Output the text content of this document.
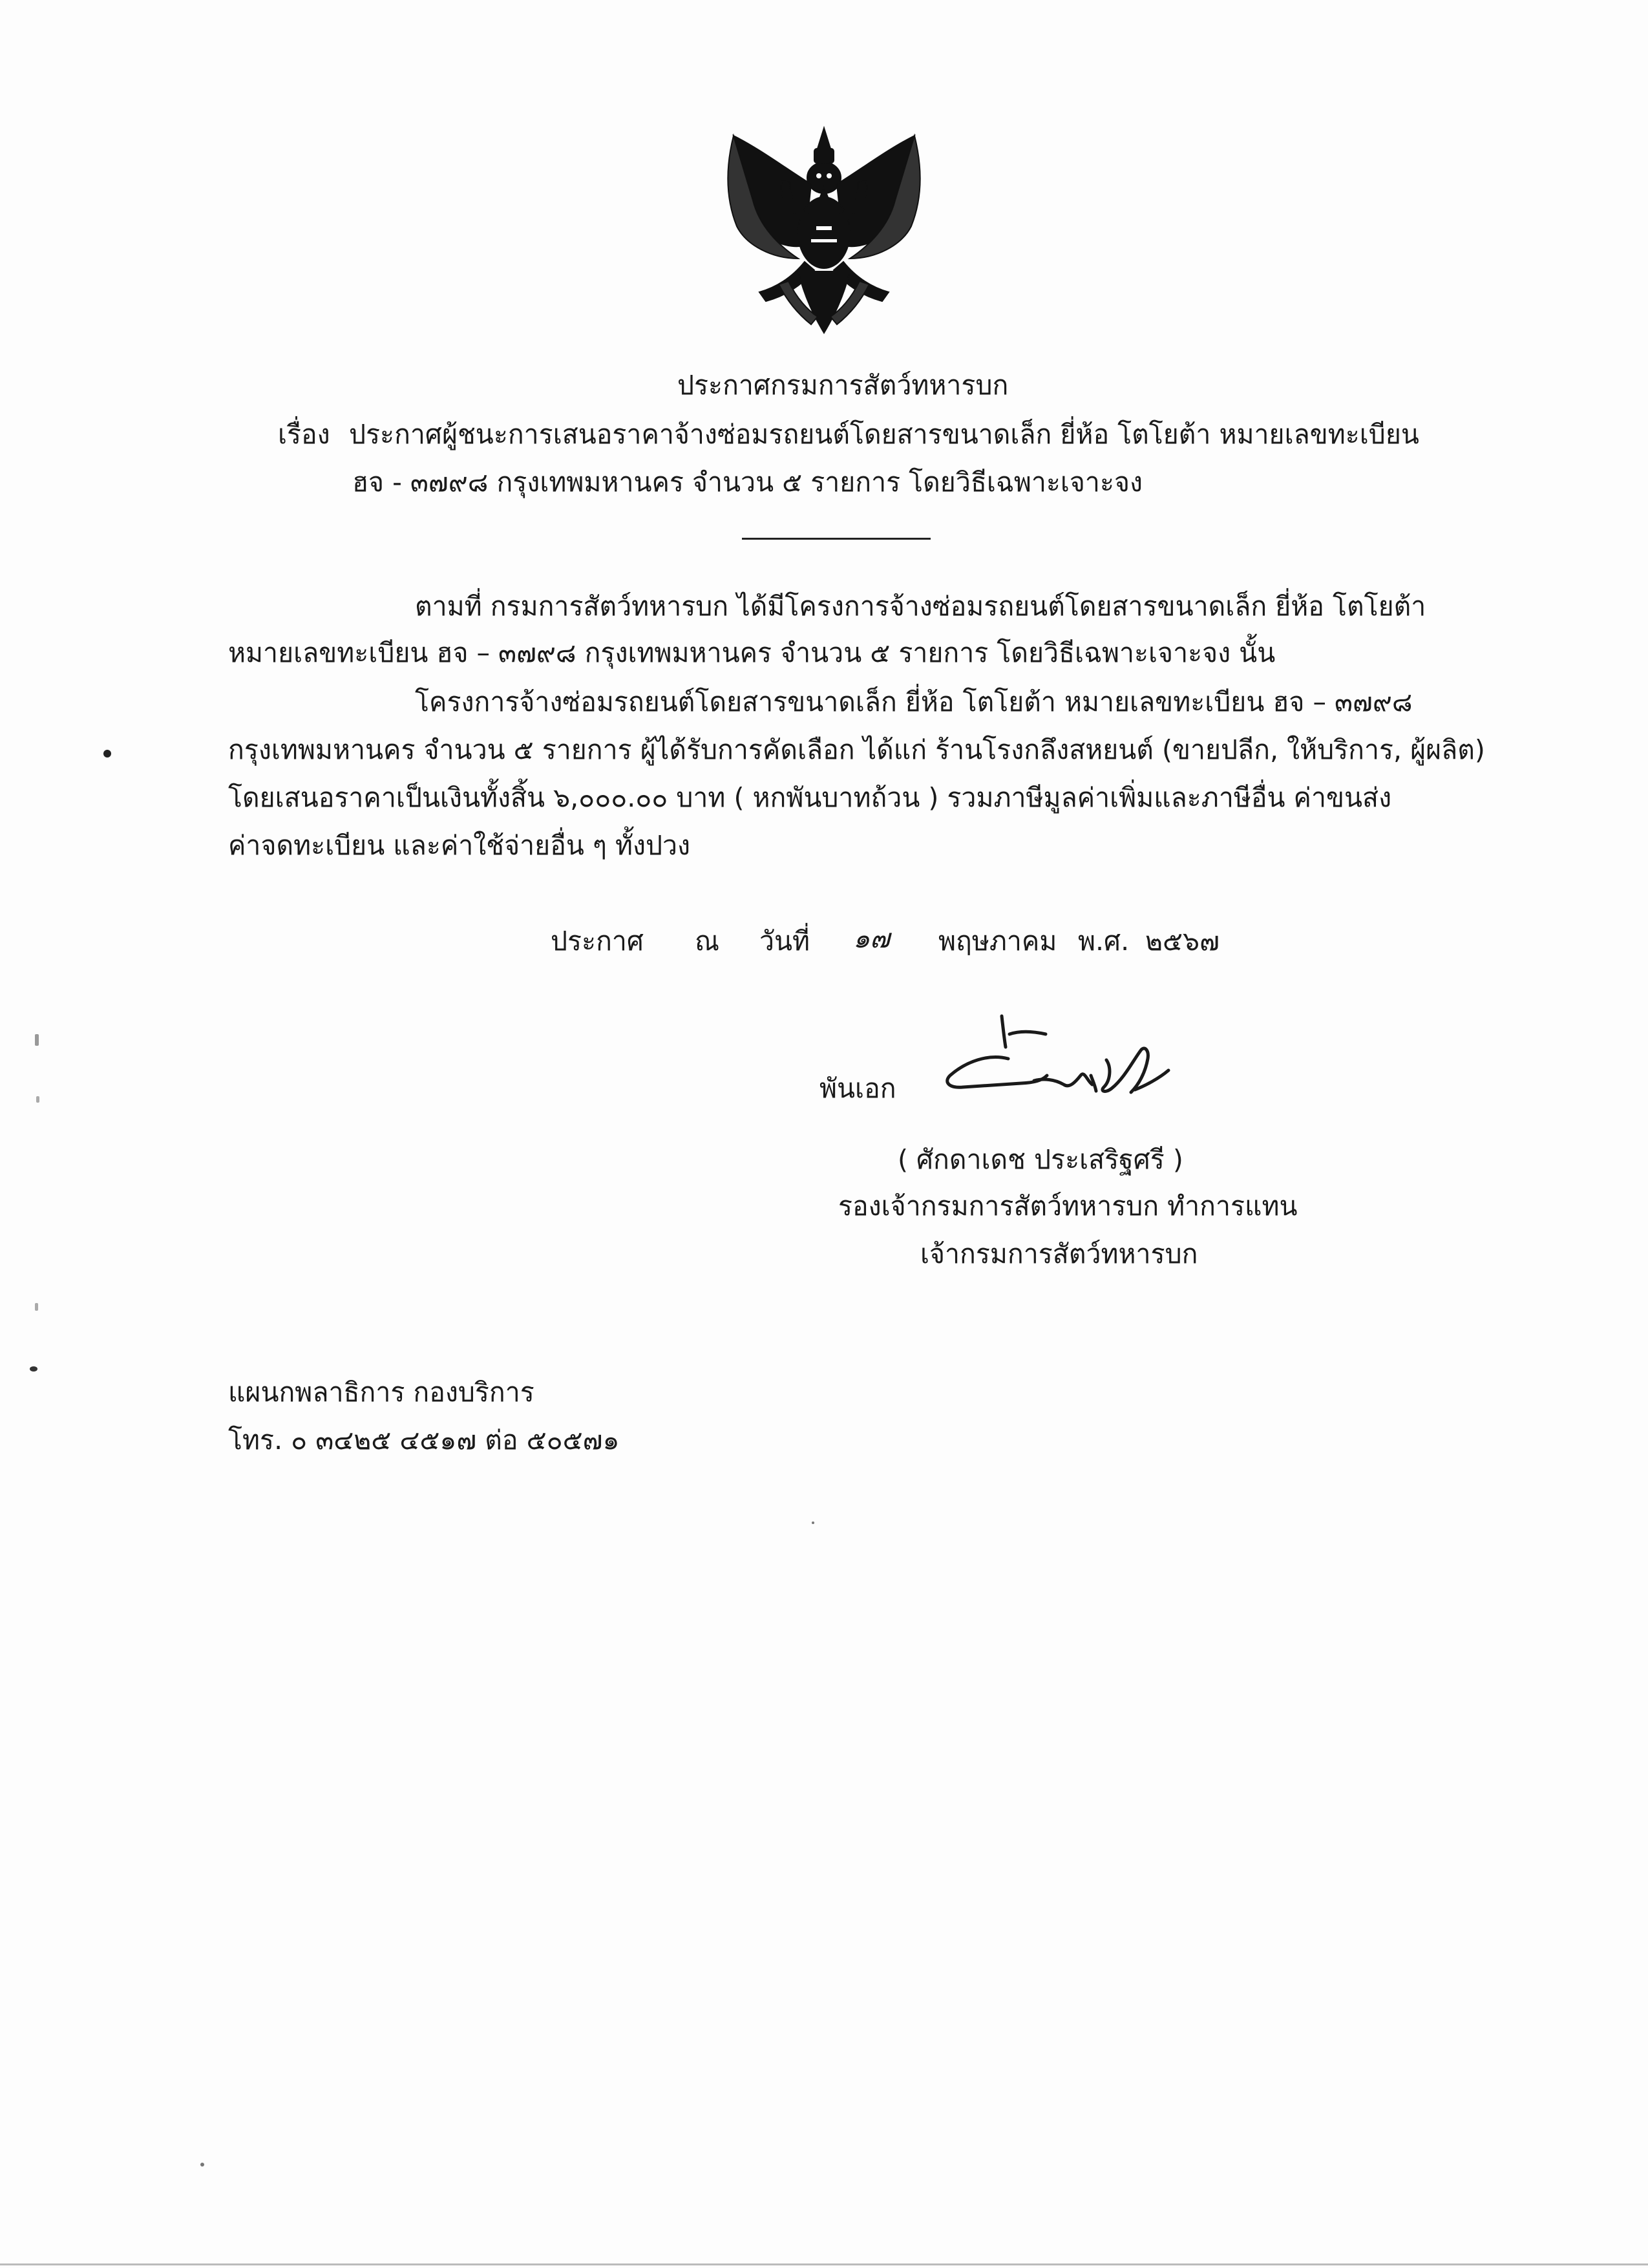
ประกาศกรมการสัตว์ทหารบก
เรื่อง ประกาศผู้ชนะการเสนอราคาจ้างซ่อมรถยนต์โดยสารขนาดเล็ก ยี่ห้อ โตโยต้า หมายเลขทะเบียน
ฮจ - ๓๗๙๘ กรุงเทพมหานคร จำนวน ๕ รายการ โดยวิธีเฉพาะเจาะจง
ตามที่ กรมการสัตว์ทหารบก ได้มีโครงการจ้างซ่อมรถยนต์โดยสารขนาดเล็ก ยี่ห้อ โตโยต้า
หมายเลขทะเบียน ฮจ – ๓๗๙๘ กรุงเทพมหานคร จำนวน ๕ รายการ โดยวิธีเฉพาะเจาะจง นั้น
โครงการจ้างซ่อมรถยนต์โดยสารขนาดเล็ก ยี่ห้อ โตโยต้า หมายเลขทะเบียน ฮจ – ๓๗๙๘
กรุงเทพมหานคร จำนวน ๕ รายการ ผู้ได้รับการคัดเลือก ได้แก่ ร้านโรงกลึงสหยนต์ (ขายปลีก, ให้บริการ, ผู้ผลิต)
โดยเสนอราคาเป็นเงินทั้งสิ้น ๖,๐๐๐.๐๐ บาท ( หกพันบาทถ้วน ) รวมภาษีมูลค่าเพิ่มและภาษีอื่น ค่าขนส่ง
ค่าจดทะเบียน และค่าใช้จ่ายอื่น ๆ ทั้งปวง
ประกาศ ณ วันที่ ๑๗ พฤษภาคม พ.ศ. ๒๕๖๗
พันเอก
( ศักดาเดช ประเสริฐศรี )
รองเจ้ากรมการสัตว์ทหารบก ทำการแทน
เจ้ากรมการสัตว์ทหารบก
แผนกพลาธิการ กองบริการ
โทร. ๐ ๓๔๒๕ ๔๕๑๗ ต่อ ๕๐๕๗๑
